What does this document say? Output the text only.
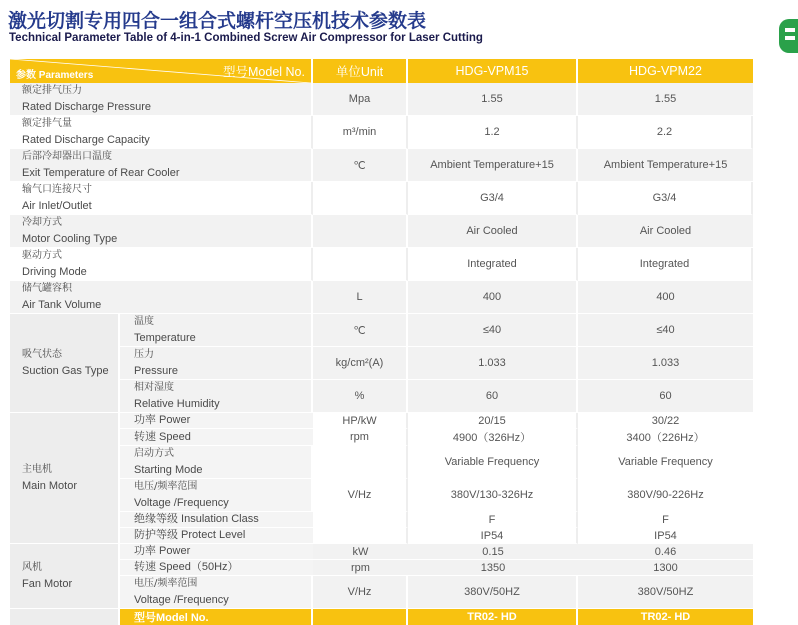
激光切割专用四合一组合式螺杆空压机技术参数表
Technical Parameter Table of 4-in-1 Combined Screw Air Compressor for Laser Cutting
参数 Parameters 型号Model No.		单位Unit	HDG-VPM15	HDG-VPM22

额定排气压力
Rated Discharge Pressure		Mpa	1.55	1.55

额定排气量
Rated Discharge Capacity		m³/min	1.2	2.2

后部冷却器出口温度
Exit Temperature of Rear Cooler		℃	Ambient Temperature+15	Ambient Temperature+15

输气口连接尺寸
Air Inlet/Outlet			G3/4	G3/4

冷却方式
Motor Cooling Type			Air Cooled	Air Cooled

驱动方式
Driving Mode			Integrated	Integrated

储气罐容积
Air Tank Volume		L	400	400

吸气状态
Suction Gas Type	温度
Temperature	℃	≤40	≤40

	压力
Pressure	kg/cm²(A)	1.033	1.033

	相对湿度
Relative Humidity	%	60	60

主电机
Main Motor	功率 Power	HP/kW	20/15	30/22
	转速 Speed	rpm	4900（326Hz）	3400（226Hz）

	启动方式
Starting Mode		Variable Frequency	Variable Frequency

	电压/频率范围
Voltage /Frequency	V/Hz	380V/130-326Hz	380V/90-226Hz
	绝缘等级 Insulation Class		F	F
	防护等级 Protect Level		IP54	IP54

风机
Fan Motor	功率 Power	kW	0.15	0.46
	转速 Speed（50Hz）	rpm	1350	1300

	电压/频率范围
Voltage /Frequency	V/Hz	380V/50HZ	380V/50HZ
	型号Model No.		TR02- HD	TR02- HD
